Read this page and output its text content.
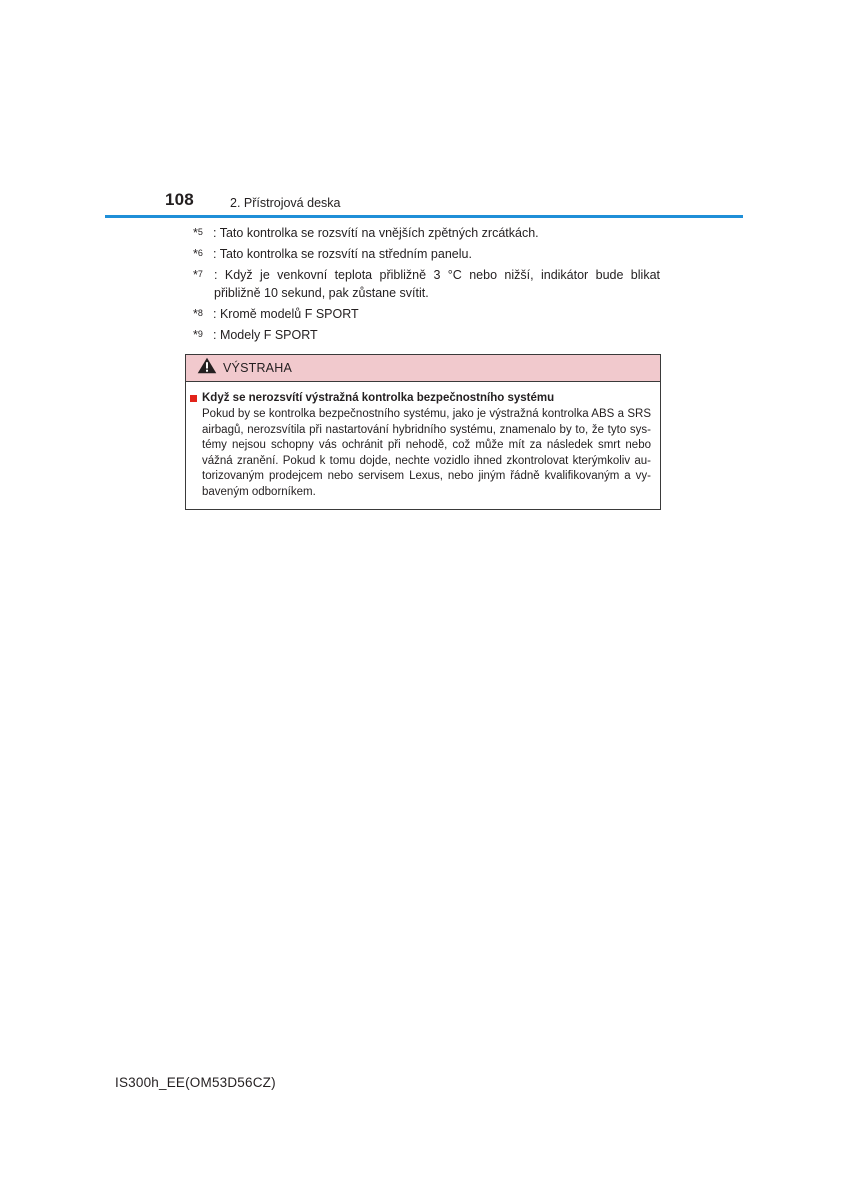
108	2. Přístrojová deska
*$^5$ : Tato kontrolka se rozsvítí na vnějších zpětných zrcátkách.
*$^6$ : Tato kontrolka se rozsvítí na středním panelu.
*$^7$ : Když je venkovní teplota přibližně 3 °C nebo nižší, indikátor bude blikat přibližně 10 sekund, pak zůstane svítit.
*$^8$ : Kromě modelů F SPORT
*$^9$ : Modely F SPORT
VÝSTRAHA
Když se nerozsvítí výstražná kontrolka bezpečnostního systému
Pokud by se kontrolka bezpečnostního systému, jako je výstražná kontrolka ABS a SRS airbagů, nerozsvítila při nastartování hybridního systému, znamenalo by to, že tyto systémy nejsou schopny vás ochránit při nehodě, což může mít za následek smrt nebo vážná zranění. Pokud k tomu dojde, nechte vozidlo ihned zkontrolovat kterýmkoliv autorizovaným prodejcem nebo servisem Lexus, nebo jiným řádně kvalifikovaným a vybaveným odborníkem.
IS300h_EE(OM53D56CZ)
